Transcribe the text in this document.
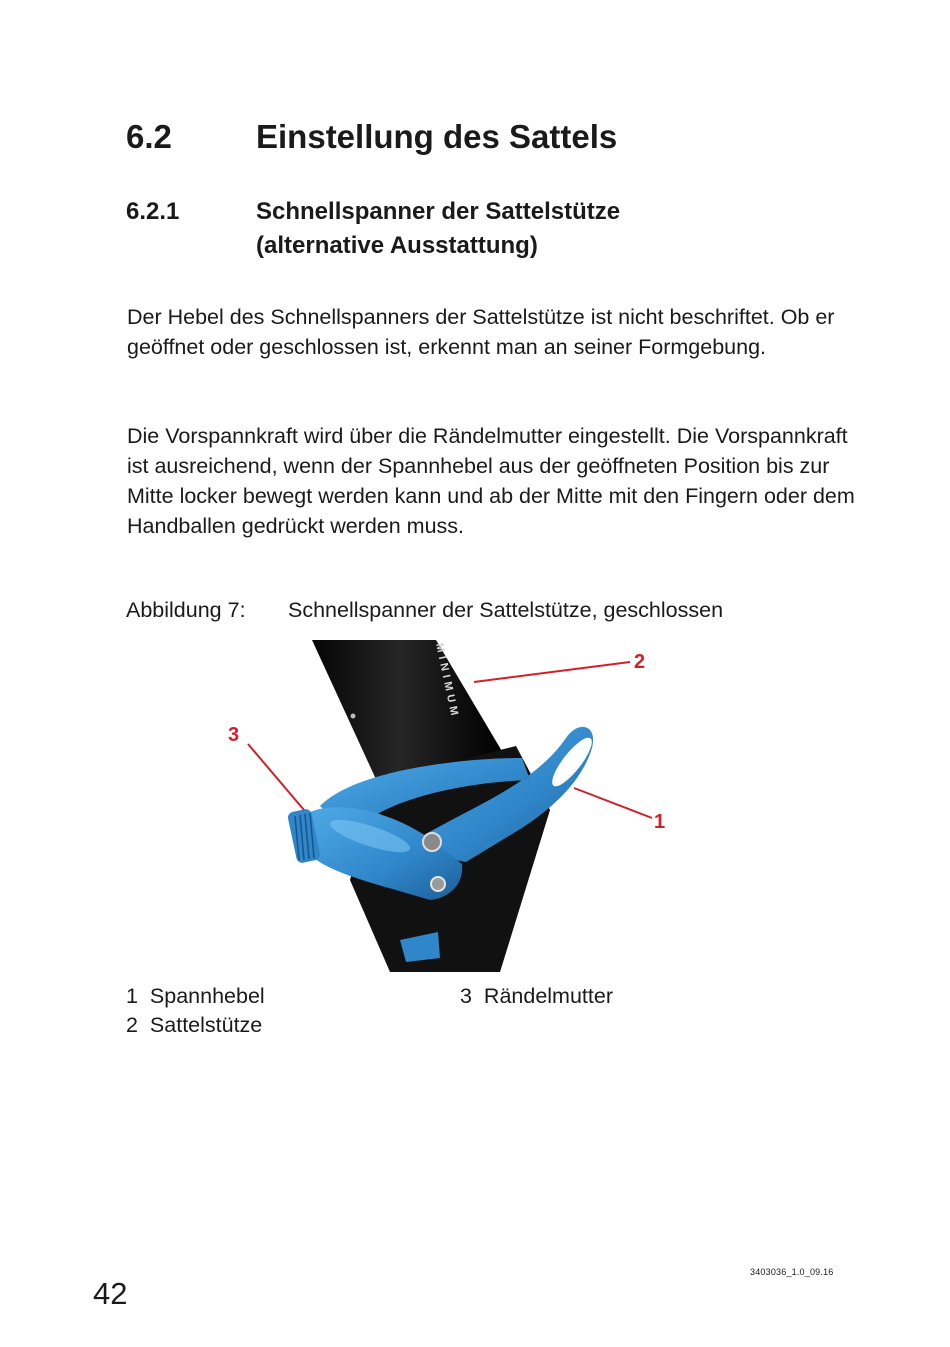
6.2	Einstellung des Sattels
6.2.1	Schnellspanner der Sattelstütze
(alternative Ausstattung)
Der Hebel des Schnellspanners der Sattelstütze ist nicht beschriftet. Ob er geöffnet oder geschlossen ist, erkennt man an seiner Formgebung.
Die Vorspannkraft wird über die Rändelmutter eingestellt. Die Vorspannkraft ist ausreichend, wenn der Spannhebel aus der geöffneten Position bis zur Mitte locker bewegt werden kann und ab der Mitte mit den Fingern oder dem Handballen gedrückt werden muss.
Abbildung 7: Schnellspanner der Sattelstütze, geschlossen
MINIMUM	2
3
1
1 Spannhebel
2 Sattelstütze
3 Rändelmutter
42
3403036_1.0_09.16
